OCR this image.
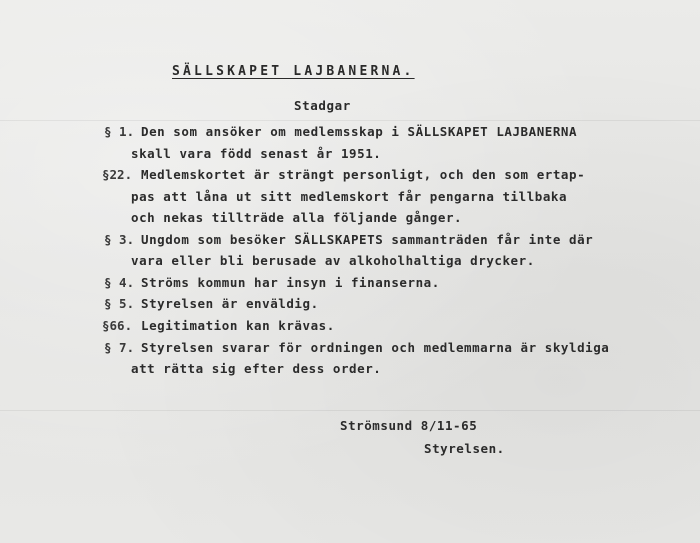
SÄLLSKAPET LAJBANERNA.
Stadgar
§ 1. Den som ansöker om medlemsskap i SÄLLSKAPET LAJBANERNA
skall vara född senast år 1951.
§22. Medlemskortet är strängt personligt, och den som ertap-
pas att låna ut sitt medlemskort får pengarna tillbaka
och nekas tillträde alla följande gånger.
§ 3. Ungdom som besöker SÄLLSKAPETS sammanträden får inte där
vara eller bli berusade av alkoholhaltiga drycker.
§ 4. Ströms kommun har insyn i finanserna.
§ 5. Styrelsen är enväldig.
§66. Legitimation kan krävas.
§ 7. Styrelsen svarar för ordningen och medlemmarna är skyldiga
att rätta sig efter dess order.
Strömsund 8/11-65
Styrelsen.
